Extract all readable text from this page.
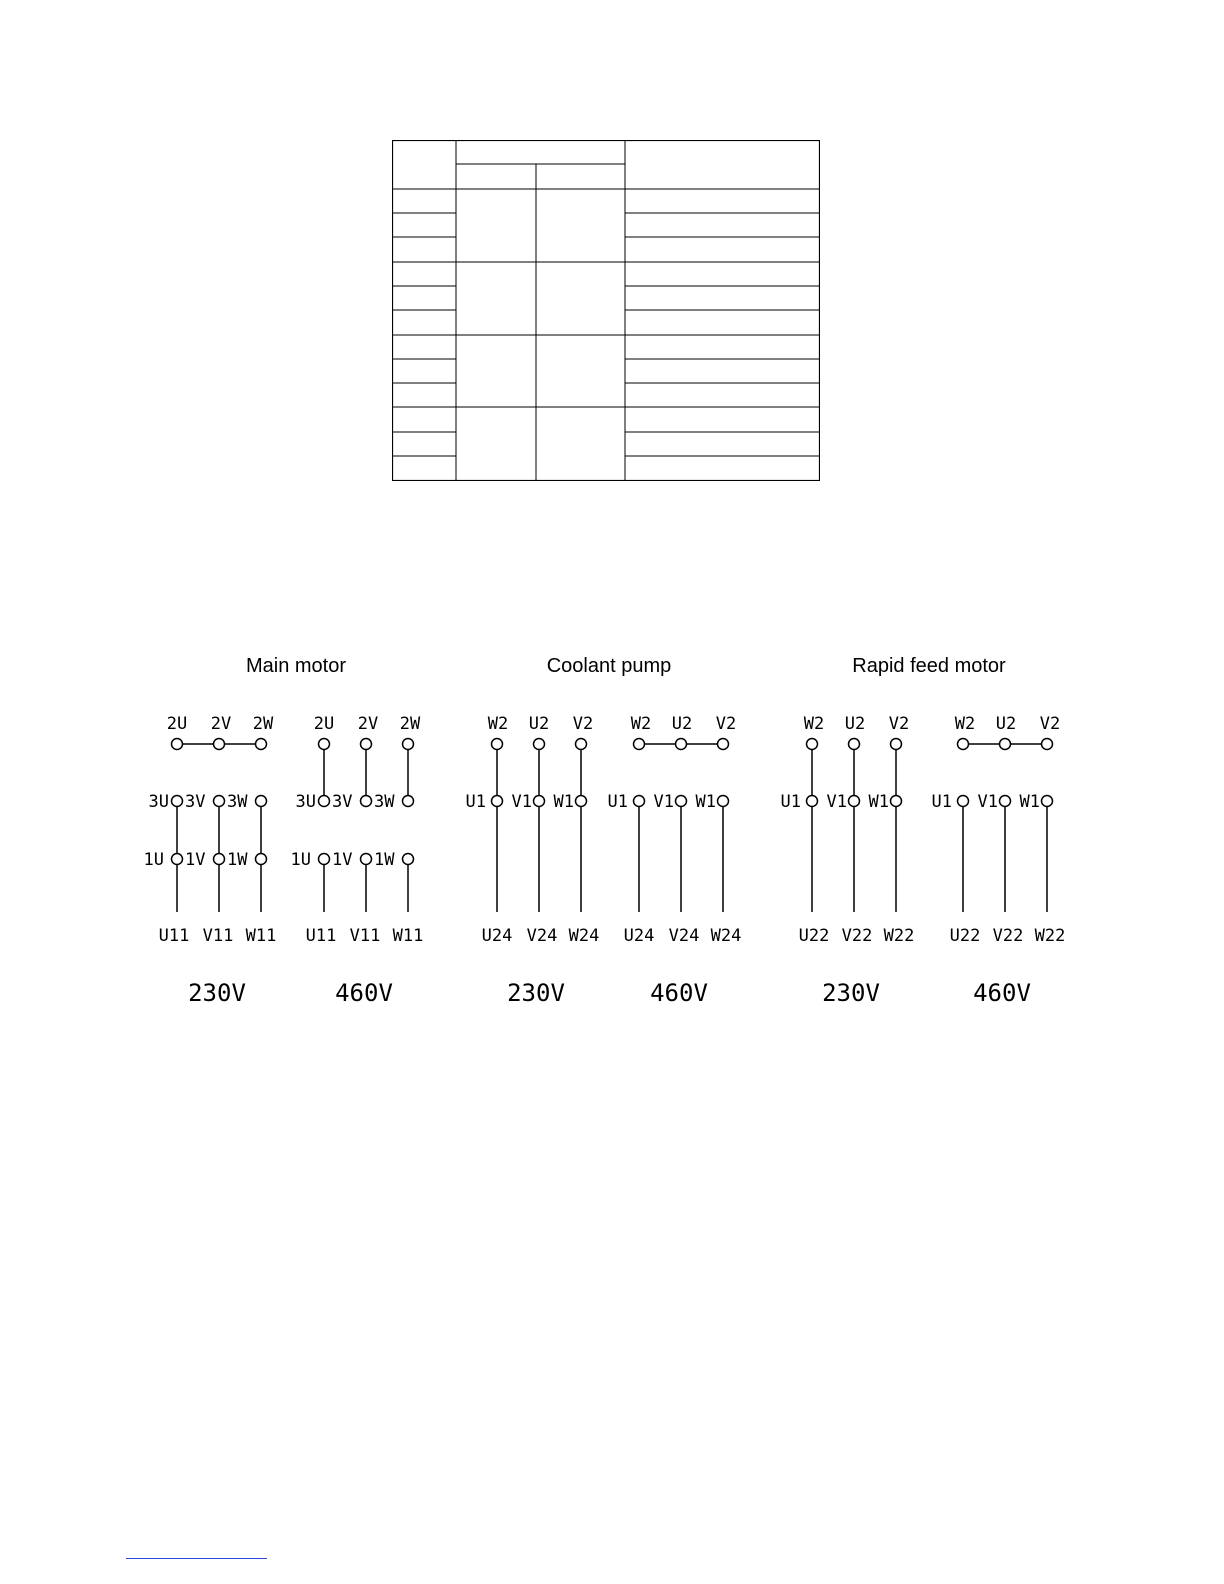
Main motor
2U 2V 2W
3U 3V 3W
1U 1V 1W
U11 V11 W11
230V
2U 2V 2W
3U 3V 3W
1U 1V 1W
U11 V11 W11
460V
Coolant pump
W2 U2 V2
U1 V1 W1
U24 V24 W24
230V
W2 U2 V2
U1 V1 W1
U24 V24 W24
460V
Rapid feed motor
W2 U2 V2
U1 V1 W1
U22 V22 W22
230V
W2 U2 V2
U1 V1 W1
U22 V22 W22
460V
